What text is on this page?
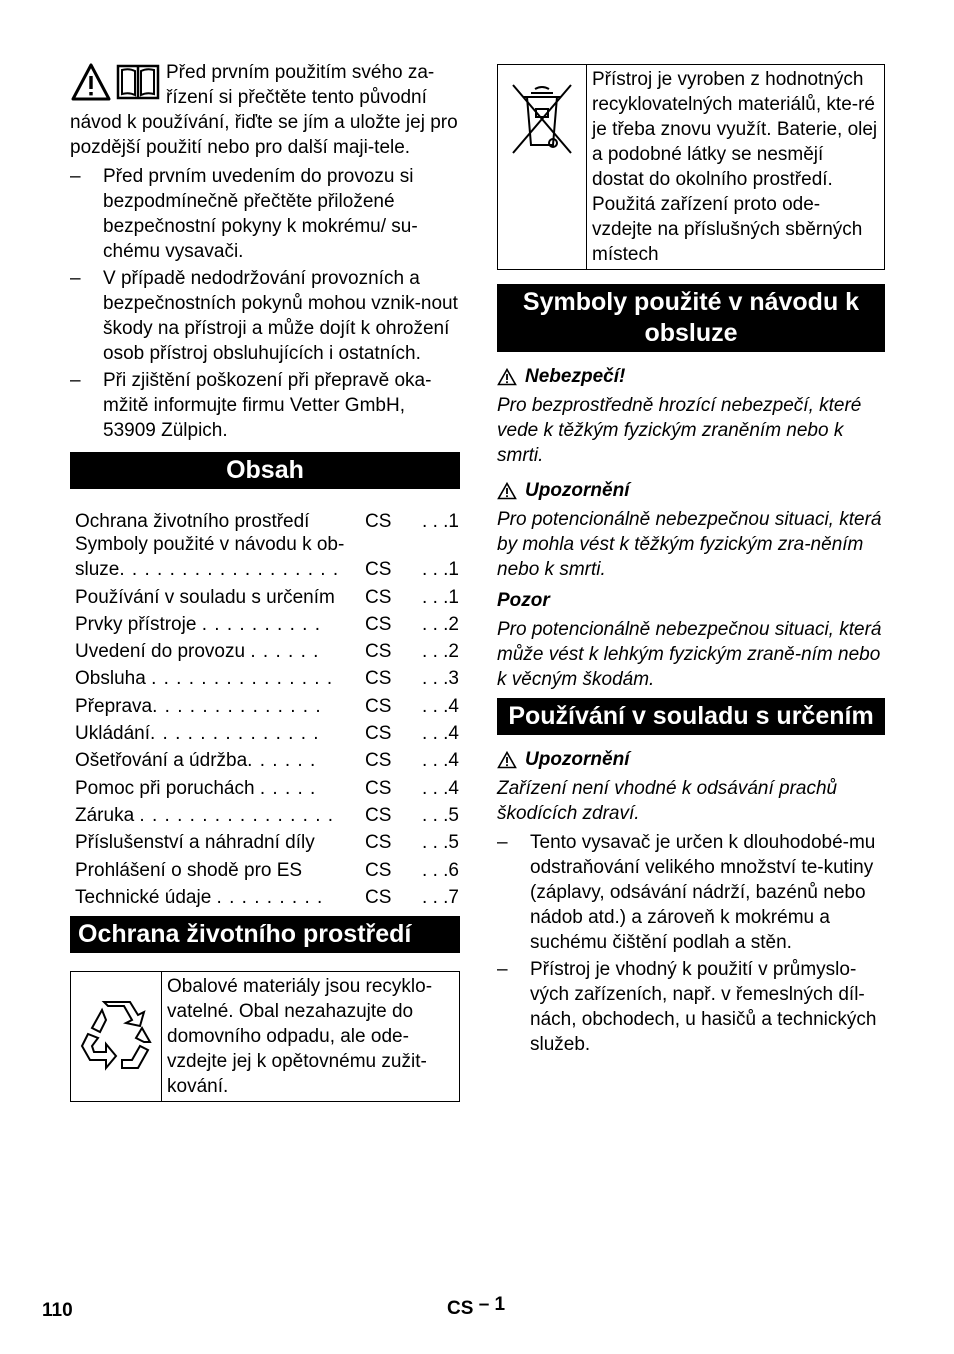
Před prvním použitím svého za-řízení si přečtěte tento původní návod k používání, řiďte se jím a uložte jej pro pozdější použití nebo pro další maji-tele.

– Před prvním uvedením do provozu si bezpodmínečně přečtěte přiložené bezpečnostní pokyny k mokrému/ su-chému vysavači.
– V případě nedodržování provozních a bezpečnostních pokynů mohou vznik-nout škody na přístroji a může dojít k ohrožení osob přístroj obsluhujících i ostatních.
– Při zjištění poškození při přepravě oka-mžitě informujte firmu Vetter GmbH, 53909 Zülpich.
Obsah
Ochrana životního prostředí	CS	. . .1
Symboly použité v návodu k ob-sluze. . . . . . . . . . . . . . . . . .	CS	. . .1
Používání v souladu s určením	CS	. . .1
Prvky přístroje . . . . . . . . . .	CS	. . .2
Uvedení do provozu . . . . . .	CS	. . .2
Obsluha . . . . . . . . . . . . . . .	CS	. . .3
Přeprava. . . . . . . . . . . . . .	CS	. . .4
Ukládání. . . . . . . . . . . . . .	CS	. . .4
Ošetřování a údržba. . . . . .	CS	. . .4
Pomoc při poruchách . . . . .	CS	. . .4
Záruka . . . . . . . . . . . . . . . .	CS	. . .5
Příslušenství a náhradní díly	CS	. . .5
Prohlášení o shodě pro ES	CS	. . .6
Technické údaje . . . . . . . . .	CS	. . .7
Ochrana životního prostředí
Obalové materiály jsou recyklo-vatelné. Obal nezahazujte do domovního odpadu, ale ode-vzdejte jej k opětovnému zužit-kování.
Přístroj je vyroben z hodnotných recyklovatelných materiálů, kte-ré je třeba znovu využít. Baterie, olej a podobné látky se nesmějí dostat do okolního prostředí. Použitá zařízení proto ode-vzdejte na příslušných sběrných místech
Symboly použité v návodu k obsluze
Nebezpečí!

Pro bezprostředně hrozící nebezpečí, které vede k těžkým fyzickým zraněním nebo k smrti.

Upozornění

Pro potencionálně nebezpečnou situaci, která by mohla vést k těžkým fyzickým zra-něním nebo k smrti.

Pozor

Pro potencionálně nebezpečnou situaci, která může vést k lehkým fyzickým zraně-ním nebo k věcným škodám.

Používání v souladu s určením
Upozornění

Zařízení není vhodné k odsávání prachů škodících zdraví.

– Tento vysavač je určen k dlouhodobé-mu odstraňování velikého množství te-kutiny (záplavy, odsávání nádrží, bazénů nebo nádob atd.) a zároveň k mokrému a suchému čištění podlah a stěn.
– Přístroj je vhodný k použití v průmyslo-vých zařízeních, např. v řemeslných díl-nách, obchodech, u hasičů a technických služeb.
110	CS – 1
